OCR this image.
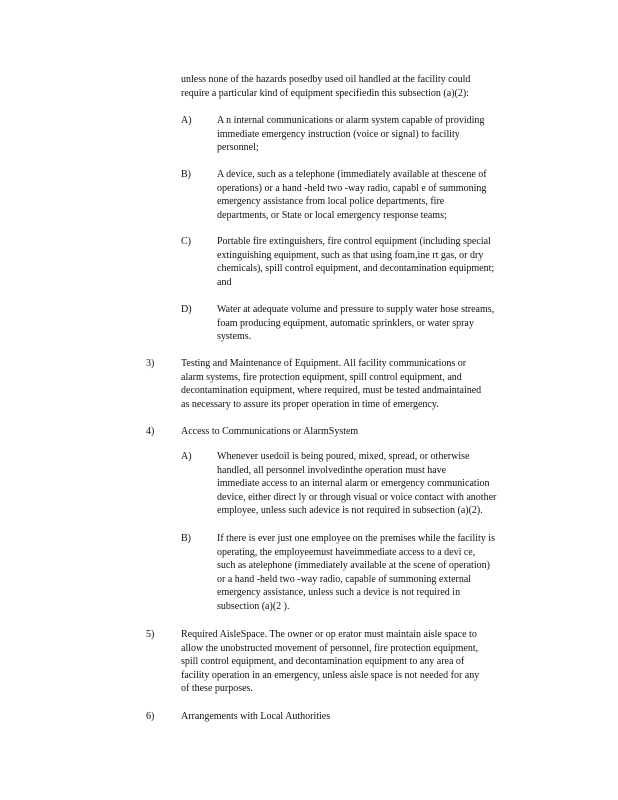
unless none of the hazards posedby used oil handled at the facility could
require a particular kind of equipment specifiedin this subsection (a)(2):

A)	A n internal communications or alarm system capable of providing
immediate emergency instruction (voice or signal) to facility
personnel;

B)	A device, such as a telephone (immediately available at thescene of
operations) or a hand -held two -way radio, capabl e of summoning
emergency assistance from local police departments, fire
departments, or State or local emergency response teams;

C)	Portable fire extinguishers, fire control equipment (including special
extinguishing equipment, such as that using foam,ine rt gas, or dry
chemicals), spill control equipment, and decontamination equipment;
and

D)	Water at adequate volume and pressure to supply water hose streams,
foam producing equipment, automatic sprinklers, or water spray
systems.

3)	Testing and Maintenance of Equipment. All facility communications or
alarm systems, fire protection equipment, spill control equipment, and
decontamination equipment, where required, must be tested andmaintained
as necessary to assure its proper operation in time of emergency.

4)	Access to Communications or AlarmSystem

A)	Whenever usedoil is being poured, mixed, spread, or otherwise
handled, all personnel involvedinthe operation must have
immediate access to an internal alarm or emergency communication
device, either direct ly or through visual or voice contact with another
employee, unless such adevice is not required in subsection (a)(2).

B)	If there is ever just one employee on the premises while the facility is
operating, the employeemust haveimmediate access to a devi ce,
such as atelephone (immediately available at the scene of operation)
or a hand -held two -way radio, capable of summoning external
emergency assistance, unless such a device is not required in
subsection (a)(2 ).

5)	Required AisleSpace. The owner or op erator must maintain aisle space to
allow the unobstructed movement of personnel, fire protection equipment,
spill control equipment, and decontamination equipment to any area of
facility operation in an emergency, unless aisle space is not needed for any
of these purposes.

6)	Arrangements with Local Authorities
